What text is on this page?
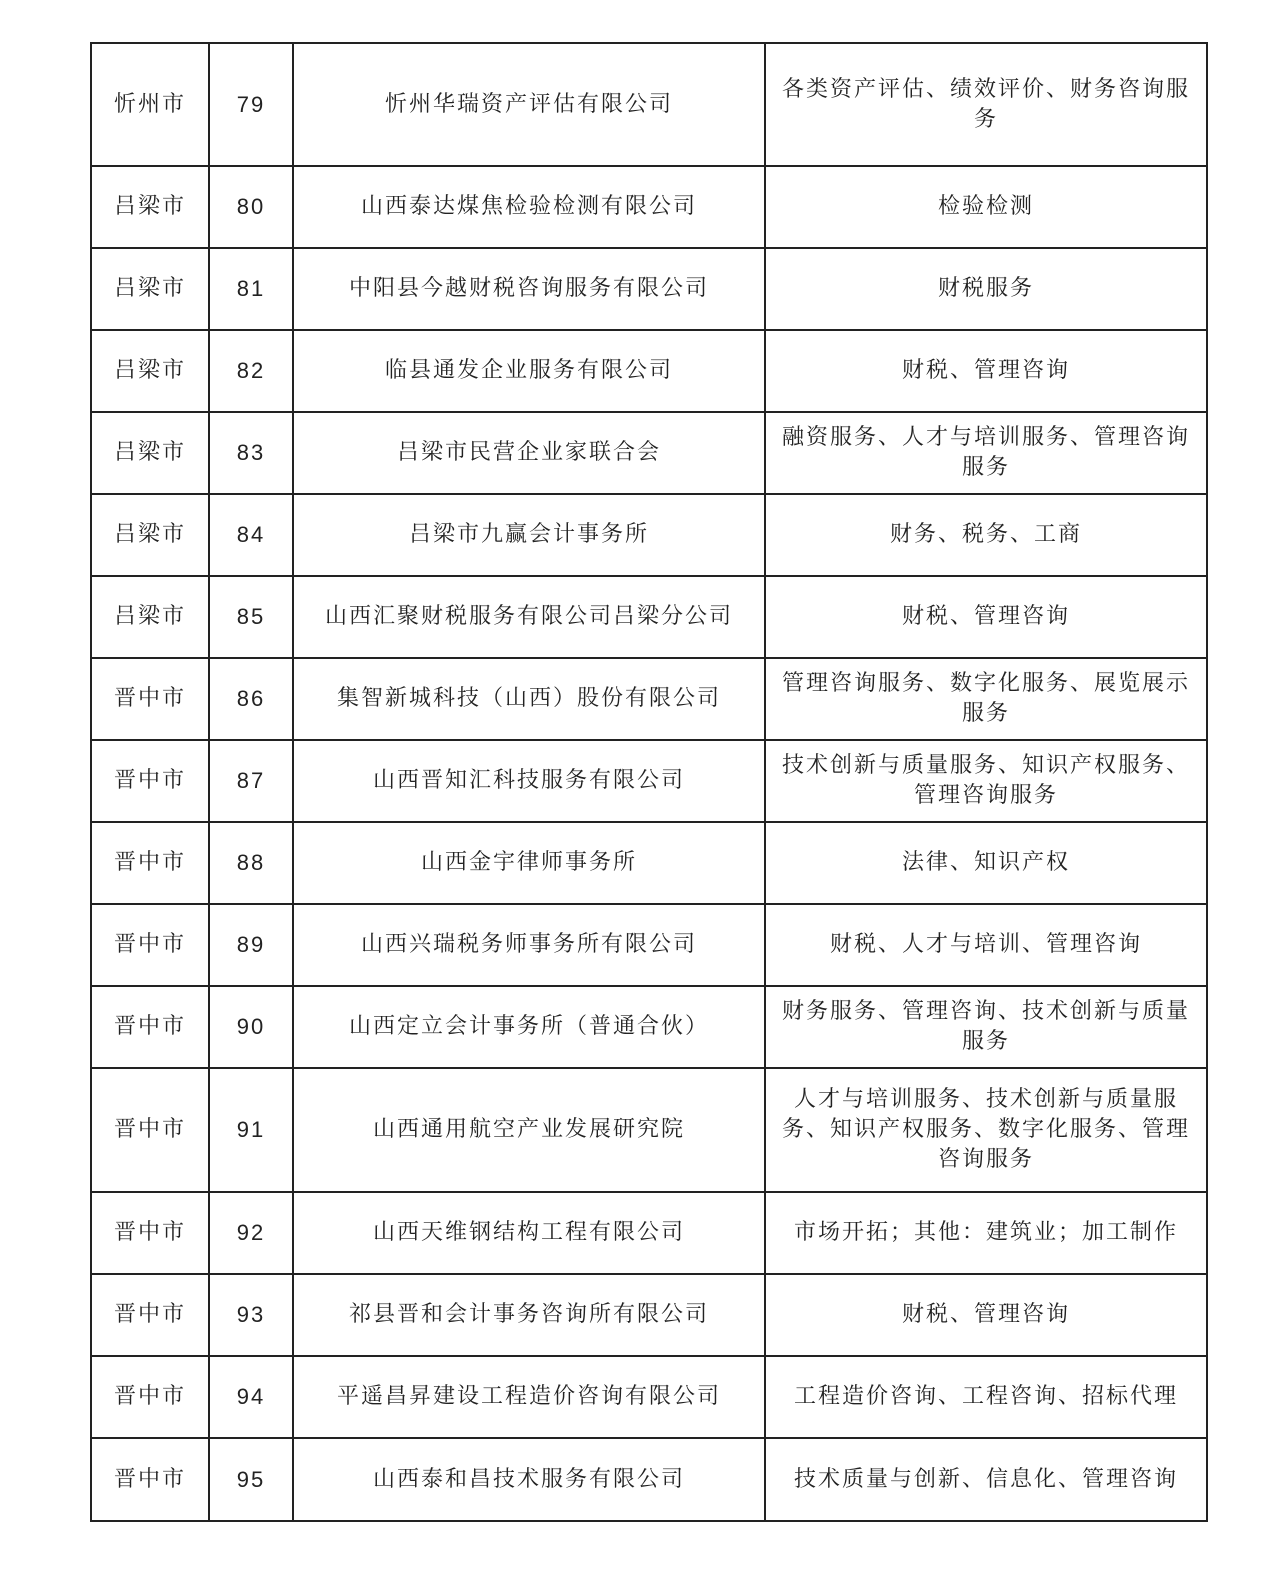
忻州市	79	忻州华瑞资产评估有限公司	各类资产评估、绩效评价、财务咨询服务
吕梁市	80	山西泰达煤焦检验检测有限公司	检验检测
吕梁市	81	中阳县今越财税咨询服务有限公司	财税服务
吕梁市	82	临县通发企业服务有限公司	财税、管理咨询
吕梁市	83	吕梁市民营企业家联合会	融资服务、人才与培训服务、管理咨询服务
吕梁市	84	吕梁市九赢会计事务所	财务、税务、工商
吕梁市	85	山西汇聚财税服务有限公司吕梁分公司	财税、管理咨询
晋中市	86	集智新城科技（山西）股份有限公司	管理咨询服务、数字化服务、展览展示服务
晋中市	87	山西晋知汇科技服务有限公司	技术创新与质量服务、知识产权服务、管理咨询服务
晋中市	88	山西金宇律师事务所	法律、知识产权
晋中市	89	山西兴瑞税务师事务所有限公司	财税、人才与培训、管理咨询
晋中市	90	山西定立会计事务所（普通合伙）	财务服务、管理咨询、技术创新与质量服务
晋中市	91	山西通用航空产业发展研究院	人才与培训服务、技术创新与质量服务、知识产权服务、数字化服务、管理咨询服务
晋中市	92	山西天维钢结构工程有限公司	市场开拓；其他：建筑业；加工制作
晋中市	93	祁县晋和会计事务咨询所有限公司	财税、管理咨询
晋中市	94	平遥昌昇建设工程造价咨询有限公司	工程造价咨询、工程咨询、招标代理
晋中市	95	山西泰和昌技术服务有限公司	技术质量与创新、信息化、管理咨询
